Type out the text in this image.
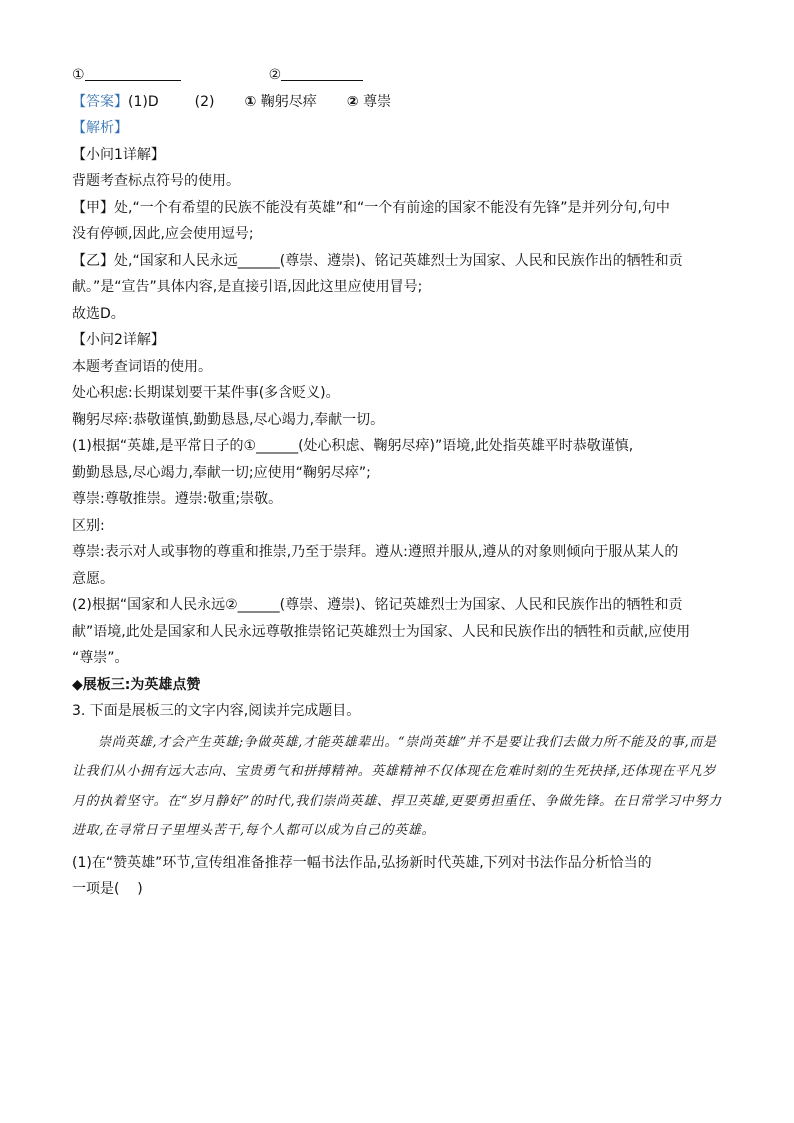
①	②

【答案】(1)D	(2) ① 鞠躬尽瘁 ② 尊崇

【解析】

【小问1详解】

背题考查标点符号的使用。

【甲】处,“一个有希望的民族不能没有英雄”和“一个有前途的国家不能没有先锋”是并列分句,句中

没有停顿,因此,应会使用逗号;

【乙】处,“国家和人民永远______(尊崇、遵崇)、铭记英雄烈士为国家、人民和民族作出的牺牲和贡

献。”是“宣告”具体内容,是直接引语,因此这里应使用冒号;

故选D。

【小问2详解】

本题考查词语的使用。

处心积虑:长期谋划要干某件事(多含贬义)。

鞠躬尽瘁:恭敬谨慎,勤勤恳恳,尽心竭力,奉献一切。

(1)根据“英雄,是平常日子的①______(处心积虑、鞠躬尽瘁)”语境,此处指英雄平时恭敬谨慎,

勤勤恳恳,尽心竭力,奉献一切;应使用“鞠躬尽瘁”;

尊崇:尊敬推崇。遵崇:敬重;崇敬。

区别:

尊崇:表示对人或事物的尊重和推崇,乃至于崇拜。遵从:遵照并服从,遵从的对象则倾向于服从某人的

意愿。

(2)根据“国家和人民永远②______(尊崇、遵崇)、铭记英雄烈士为国家、人民和民族作出的牺牲和贡

献”语境,此处是国家和人民永远尊敬推崇铭记英雄烈士为国家、人民和民族作出的牺牲和贡献,应使用

“尊崇”。

◆展板三:为英雄点赞

3. 下面是展板三的文字内容,阅读并完成题目。

崇尚英雄,才会产生英雄;争做英雄,才能英雄辈出。“崇尚英雄”并不是要让我们去做力所不能及的事,而是让我们从小拥有远大志向、宝贵勇气和拼搏精神。英雄精神不仅体现在危难时刻的生死抉择,还体现在平凡岁月的执着坚守。在“岁月静好”的时代,我们崇尚英雄、捍卫英雄,更要勇担重任、争做先锋。在日常学习中努力进取,在寻常日子里埋头苦干,每个人都可以成为自己的英雄。

(1)在“赞英雄”环节,宣传组准备推荐一幅书法作品,弘扬新时代英雄,下列对书法作品分析恰当的

一项是(    )
